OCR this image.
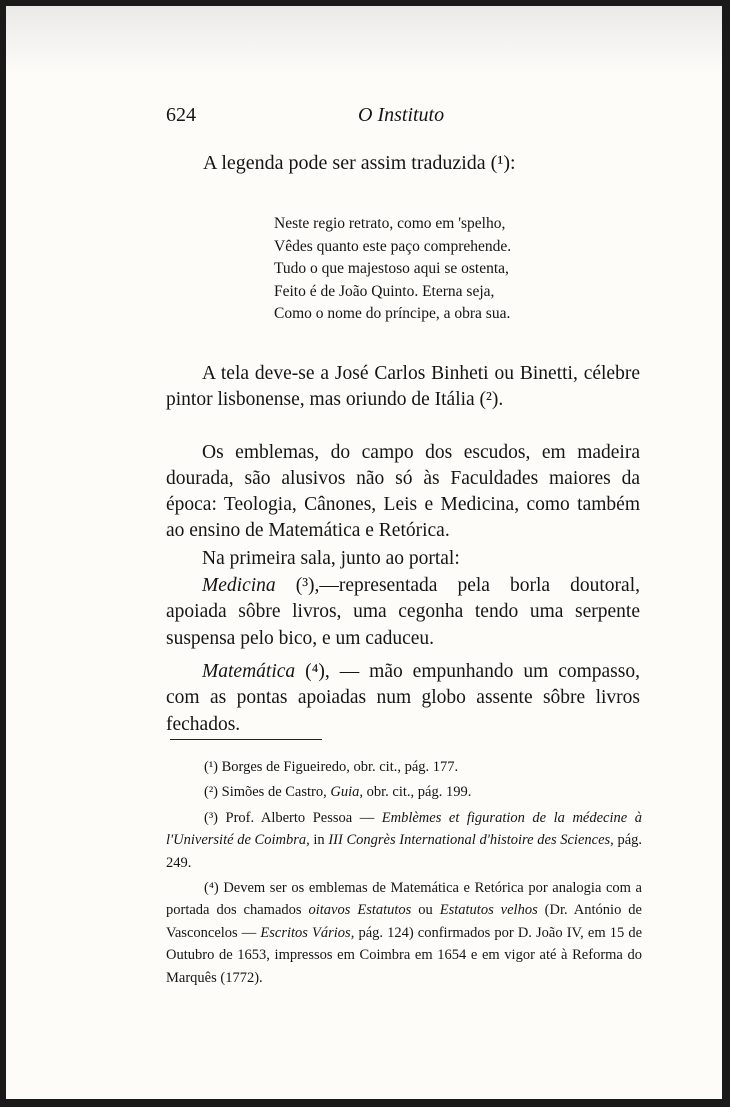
624	O Instituto
A legenda pode ser assim traduzida (¹):
Neste regio retrato, como em 'spelho,
Vêdes quanto este paço comprehende.
Tudo o que majestoso aqui se ostenta,
Feito é de João Quinto. Eterna seja,
Como o nome do príncipe, a obra sua.

A tela deve-se a José Carlos Binheti ou Binetti, célebre pintor lisbonense, mas oriundo de Itália (²).

Os emblemas, do campo dos escudos, em madeira dourada, são alusivos não só às Faculdades maiores da época: Teologia, Cânones, Leis e Medicina, como também ao ensino de Matemática e Retórica.

Na primeira sala, junto ao portal:

Medicina (³),—representada pela borla doutoral, apoiada sôbre livros, uma cegonha tendo uma serpente suspensa pelo bico, e um caduceu.

Matemática (⁴), — mão empunhando um compasso, com as pontas apoiadas num globo assente sôbre livros fechados.

(¹) Borges de Figueiredo, obr. cit., pág. 177.

(²) Simões de Castro, Guia, obr. cit., pág. 199.

(³) Prof. Alberto Pessoa — Emblèmes et figuration de la médecine à l'Université de Coimbra, in III Congrès International d'histoire des Sciences, pág. 249.

(⁴) Devem ser os emblemas de Matemática e Retórica por analogia com a portada dos chamados oitavos Estatutos ou Estatutos velhos (Dr. António de Vasconcelos — Escritos Vários, pág. 124) confirmados por D. João IV, em 15 de Outubro de 1653, impressos em Coimbra em 1654 e em vigor até à Reforma do Marquês (1772).
